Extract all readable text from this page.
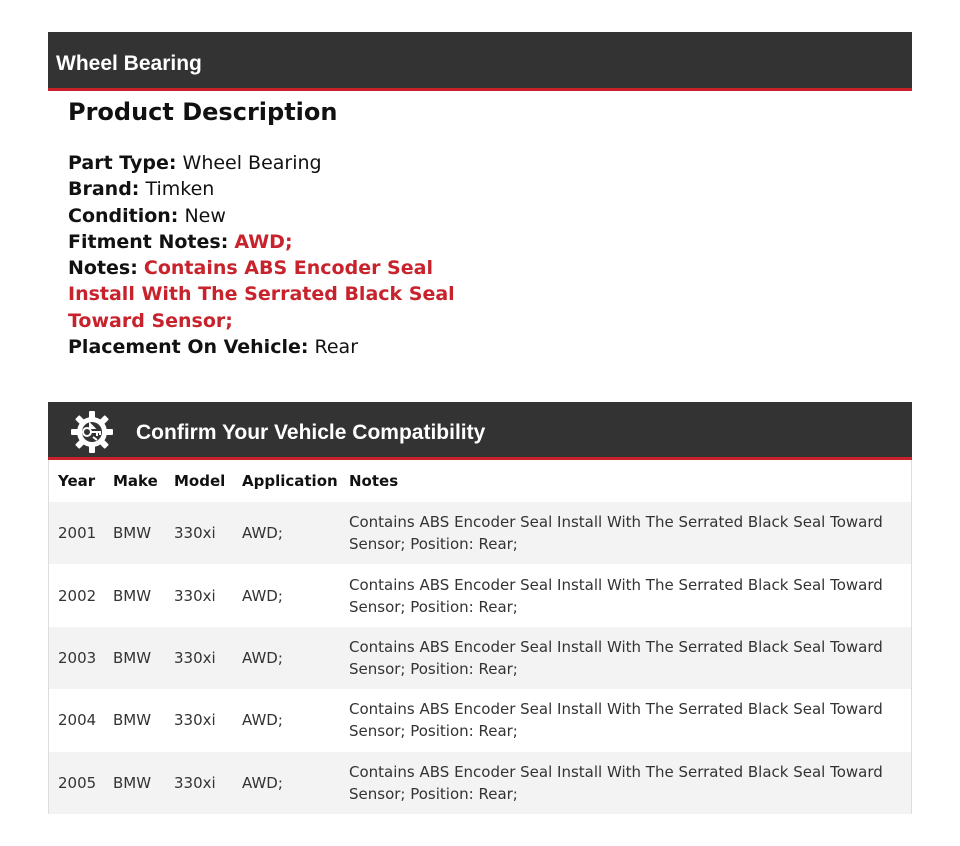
Wheel Bearing
Product Description
Part Type: Wheel Bearing
Brand: Timken
Condition: New
Fitment Notes: AWD;
Notes: Contains ABS Encoder Seal Install With The Serrated Black Seal Toward Sensor;
Placement On Vehicle: Rear
Confirm Your Vehicle Compatibility
Year	Make	Model	Application	Notes
2001	BMW	330xi	AWD;	Contains ABS Encoder Seal Install With The Serrated Black Seal Toward Sensor; Position: Rear;
2002	BMW	330xi	AWD;	Contains ABS Encoder Seal Install With The Serrated Black Seal Toward Sensor; Position: Rear;
2003	BMW	330xi	AWD;	Contains ABS Encoder Seal Install With The Serrated Black Seal Toward Sensor; Position: Rear;
2004	BMW	330xi	AWD;	Contains ABS Encoder Seal Install With The Serrated Black Seal Toward Sensor; Position: Rear;
2005	BMW	330xi	AWD;	Contains ABS Encoder Seal Install With The Serrated Black Seal Toward Sensor; Position: Rear;
